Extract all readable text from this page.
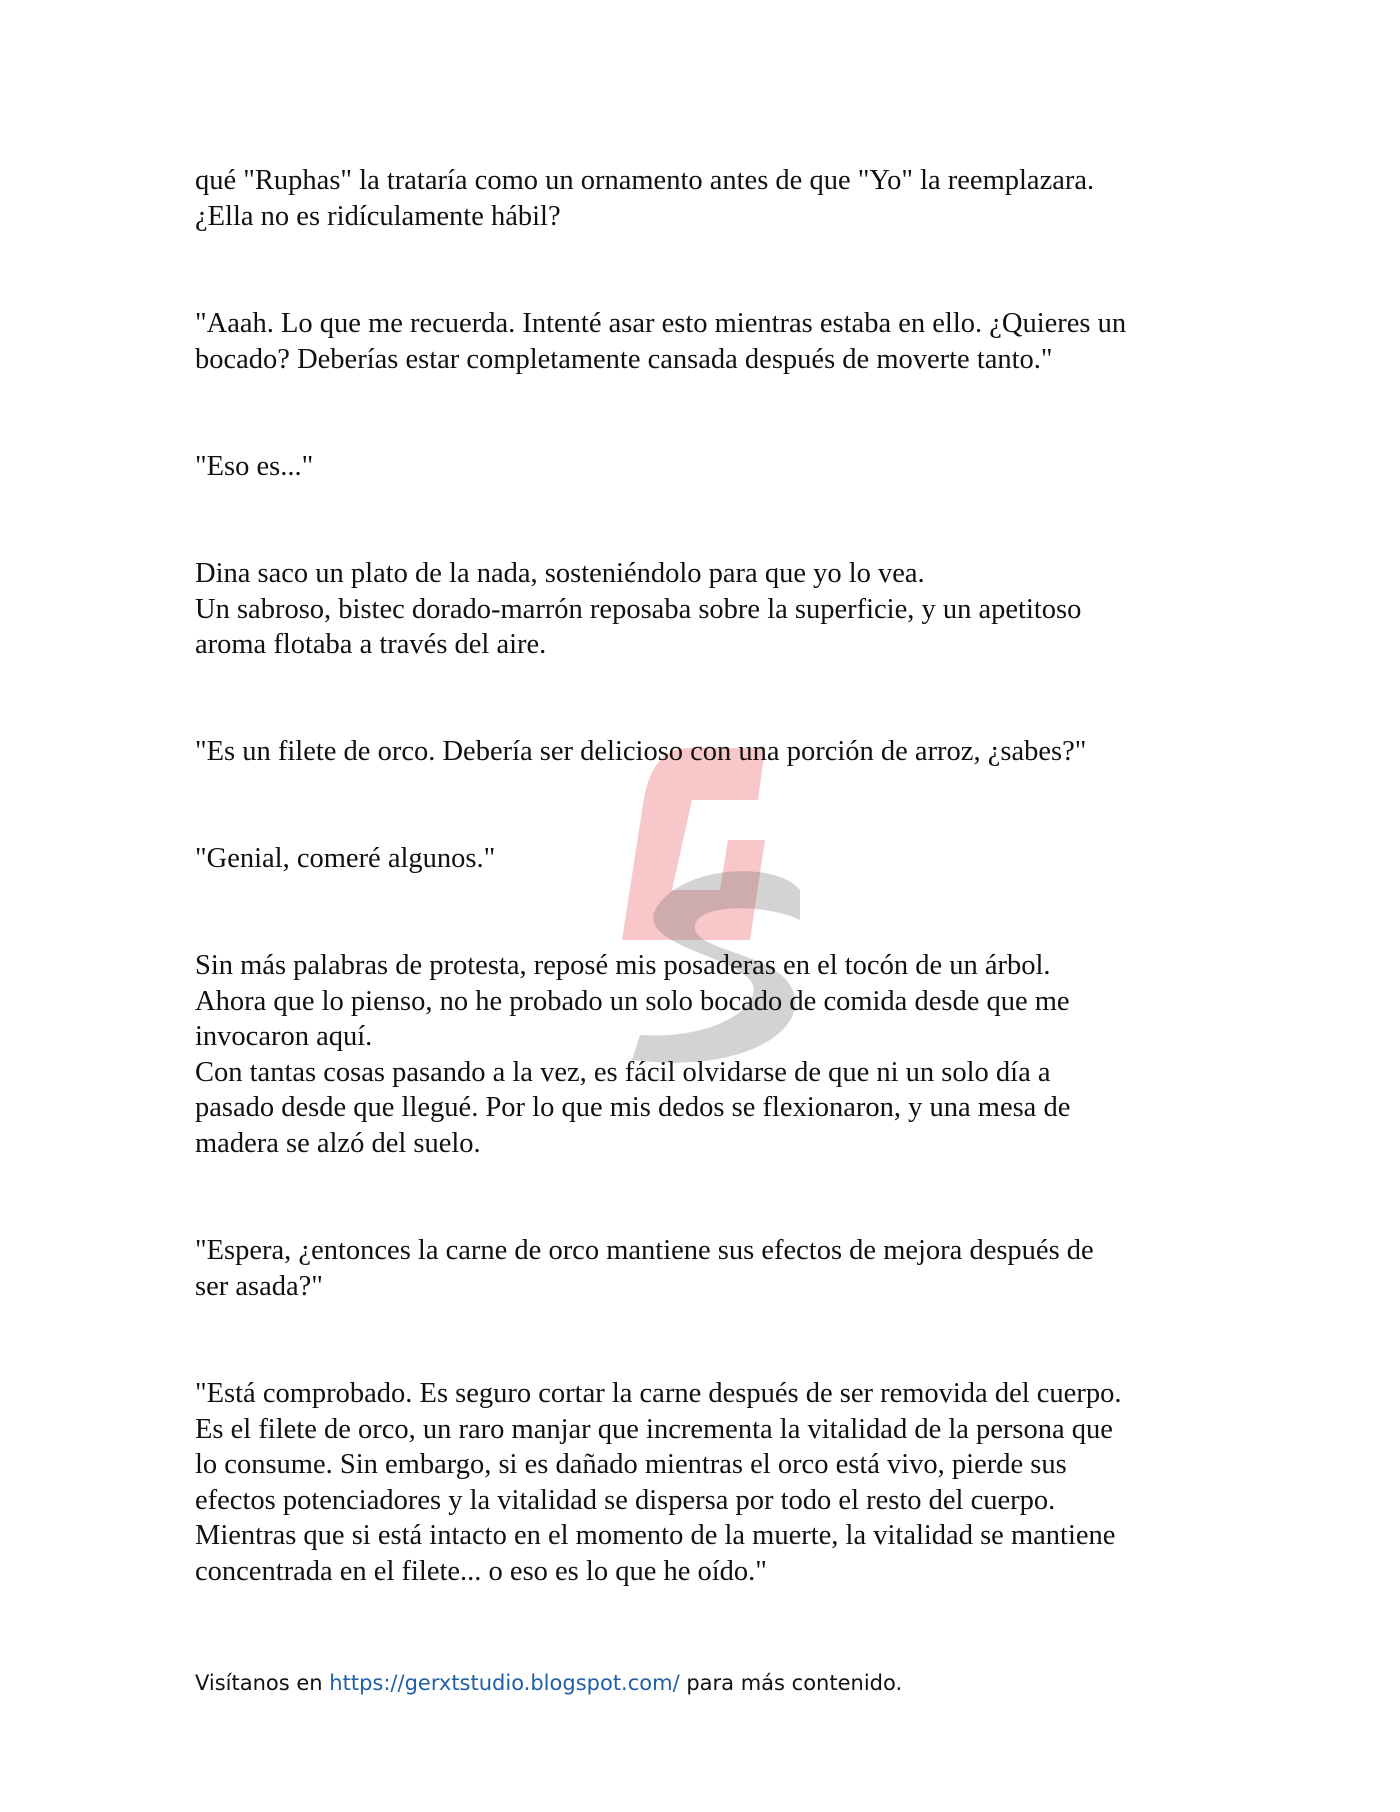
qué "Ruphas" la trataría como un ornamento antes de que "Yo" la reemplazara.
¿Ella no es ridículamente hábil?

"Aaah. Lo que me recuerda. Intenté asar esto mientras estaba en ello. ¿Quieres un
bocado? Deberías estar completamente cansada después de moverte tanto."

"Eso es..."

Dina saco un plato de la nada, sosteniéndolo para que yo lo vea.
Un sabroso, bistec dorado-marrón reposaba sobre la superficie, y un apetitoso
aroma flotaba a través del aire.

"Es un filete de orco. Debería ser delicioso con una porción de arroz, ¿sabes?"

"Genial, comeré algunos."

Sin más palabras de protesta, reposé mis posaderas en el tocón de un árbol.
Ahora que lo pienso, no he probado un solo bocado de comida desde que me
invocaron aquí.
Con tantas cosas pasando a la vez, es fácil olvidarse de que ni un solo día a
pasado desde que llegué. Por lo que mis dedos se flexionaron, y una mesa de
madera se alzó del suelo.

"Espera, ¿entonces la carne de orco mantiene sus efectos de mejora después de
ser asada?"

"Está comprobado. Es seguro cortar la carne después de ser removida del cuerpo.
Es el filete de orco, un raro manjar que incrementa la vitalidad de la persona que
lo consume. Sin embargo, si es dañado mientras el orco está vivo, pierde sus
efectos potenciadores y la vitalidad se dispersa por todo el resto del cuerpo.
Mientras que si está intacto en el momento de la muerte, la vitalidad se mantiene
concentrada en el filete... o eso es lo que he oído."

Visítanos en https://gerxtstudio.blogspot.com/ para más contenido.
